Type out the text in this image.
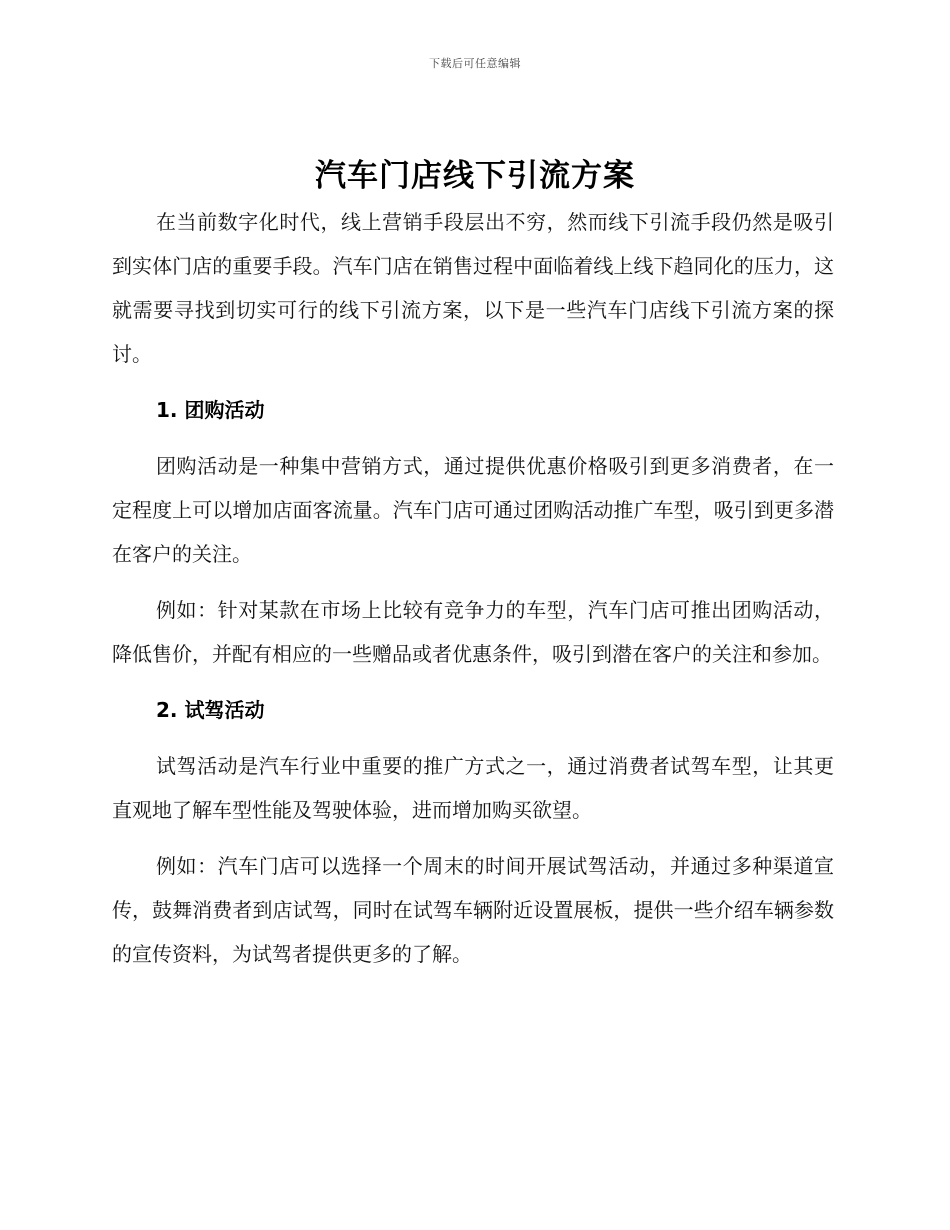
下载后可任意编辑
汽车门店线下引流方案

在当前数字化时代，线上营销手段层出不穷，然而线下引流手段仍然是吸引到实体门店的重要手段。汽车门店在销售过程中面临着线上线下趋同化的压力，这就需要寻找到切实可行的线下引流方案，以下是一些汽车门店线下引流方案的探讨。

1. 团购活动

团购活动是一种集中营销方式，通过提供优惠价格吸引到更多消费者，在一定程度上可以增加店面客流量。汽车门店可通过团购活动推广车型，吸引到更多潜在客户的关注。

例如：针对某款在市场上比较有竞争力的车型，汽车门店可推出团购活动，降低售价，并配有相应的一些赠品或者优惠条件，吸引到潜在客户的关注和参加。

2. 试驾活动

试驾活动是汽车行业中重要的推广方式之一，通过消费者试驾车型，让其更直观地了解车型性能及驾驶体验，进而增加购买欲望。

例如：汽车门店可以选择一个周末的时间开展试驾活动，并通过多种渠道宣传，鼓舞消费者到店试驾，同时在试驾车辆附近设置展板，提供一些介绍车辆参数的宣传资料，为试驾者提供更多的了解。
